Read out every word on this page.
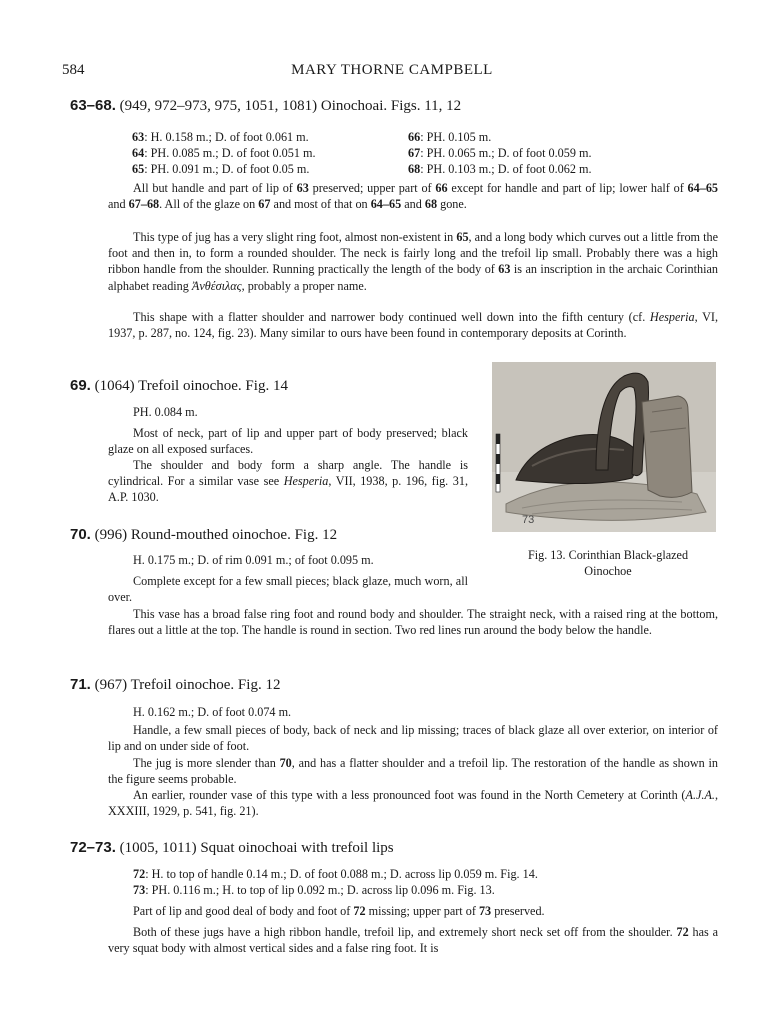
584	MARY THORNE CAMPBELL
63–68. (949, 972–973, 975, 1051, 1081) Oinochoai. Figs. 11, 12
63: H. 0.158 m.; D. of foot 0.061 m.
64: PH. 0.085 m.; D. of foot 0.051 m.
65: PH. 0.091 m.; D. of foot 0.05 m.
66: PH. 0.105 m.
67: PH. 0.065 m.; D. of foot 0.059 m.
68: PH. 0.103 m.; D. of foot 0.062 m.

All but handle and part of lip of 63 preserved; upper part of 66 except for handle and part of lip; lower half of 64–65 and 67–68. All of the glaze on 67 and most of that on 64–65 and 68 gone.

This type of jug has a very slight ring foot, almost non-existent in 65, and a long body which curves out a little from the foot and then in, to form a rounded shoulder. The neck is fairly long and the trefoil lip small. Probably there was a high ribbon handle from the shoulder. Running practically the length of the body of 63 is an inscription in the archaic Corinthian alphabet reading Ἀνθέσιλας, probably a proper name.

This shape with a flatter shoulder and narrower body continued well down into the fifth century (cf. Hesperia, VI, 1937, p. 287, no. 124, fig. 23). Many similar to ours have been found in contemporary deposits at Corinth.

69. (1064) Trefoil oinochoe. Fig. 14
PH. 0.084 m.

Most of neck, part of lip and upper part of body preserved; black glaze on all exposed surfaces.

The shoulder and body form a sharp angle. The handle is cylindrical. For a similar vase see Hesperia, VII, 1938, p. 196, fig. 31, A.P. 1030.

73
Fig. 13. Corinthian Black-glazed
Oinochoe
70. (996) Round-mouthed oinochoe. Fig. 12
H. 0.175 m.; D. of rim 0.091 m.; of foot 0.095 m.

Complete except for a few small pieces; black glaze, much worn, all over.

This vase has a broad false ring foot and round body and shoulder. The straight neck, with a raised ring at the bottom, flares out a little at the top. The handle is round in section. Two red lines run around the body below the handle.

71. (967) Trefoil oinochoe. Fig. 12
H. 0.162 m.; D. of foot 0.074 m.

Handle, a few small pieces of body, back of neck and lip missing; traces of black glaze all over exterior, on interior of lip and on under side of foot.

The jug is more slender than 70, and has a flatter shoulder and a trefoil lip. The restoration of the handle as shown in the figure seems probable.

An earlier, rounder vase of this type with a less pronounced foot was found in the North Cemetery at Corinth (A.J.A., XXXIII, 1929, p. 541, fig. 21).

72–73. (1005, 1011) Squat oinochoai with trefoil lips
72: H. to top of handle 0.14 m.; D. of foot 0.088 m.; D. across lip 0.059 m. Fig. 14.
73: PH. 0.116 m.; H. to top of lip 0.092 m.; D. across lip 0.096 m. Fig. 13.

Part of lip and good deal of body and foot of 72 missing; upper part of 73 preserved.

Both of these jugs have a high ribbon handle, trefoil lip, and extremely short neck set off from the shoulder. 72 has a very squat body with almost vertical sides and a false ring foot. It is
